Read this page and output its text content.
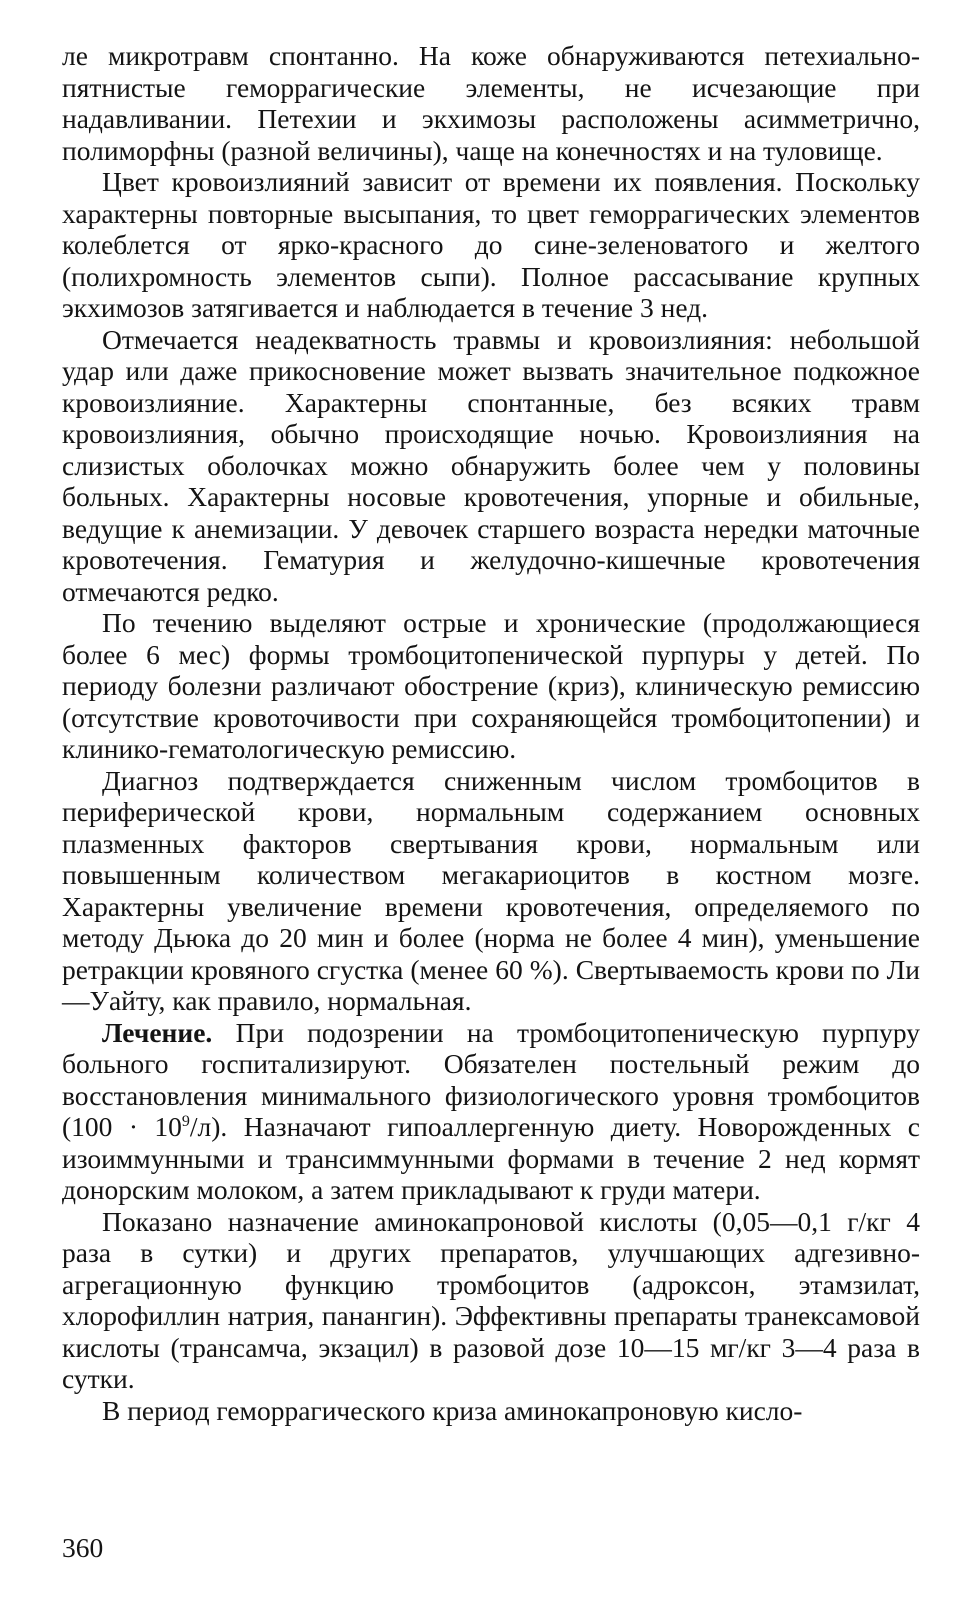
ле микротравм спонтанно. На коже обнаруживаются петехиально-пятнистые геморрагические элементы, не исчезающие при надавливании. Петехии и экхимозы расположены асимметрично, полиморфны (разной величины), чаще на конечностях и на туловище.

Цвет кровоизлияний зависит от времени их появления. Поскольку характерны повторные высыпания, то цвет геморрагических элементов колеблется от ярко-красного до сине-зеленоватого и желтого (полихромность элементов сыпи). Полное рассасывание крупных экхимозов затягивается и наблюдается в течение 3 нед.

Отмечается неадекватность травмы и кровоизлияния: небольшой удар или даже прикосновение может вызвать значительное подкожное кровоизлияние. Характерны спонтанные, без всяких травм кровоизлияния, обычно происходящие ночью. Кровоизлияния на слизистых оболочках можно обнаружить более чем у половины больных. Характерны носовые кровотечения, упорные и обильные, ведущие к анемизации. У девочек старшего возраста нередки маточные кровотечения. Гематурия и желудочно-кишечные кровотечения отмечаются редко.

По течению выделяют острые и хронические (продолжающиеся более 6 мес) формы тромбоцитопенической пурпуры у детей. По периоду болезни различают обострение (криз), клиническую ремиссию (отсутствие кровоточивости при сохраняющейся тромбоцитопении) и клинико-гематологическую ремиссию.

Диагноз подтверждается сниженным числом тромбоцитов в периферической крови, нормальным содержанием основных плазменных факторов свертывания крови, нормальным или повышенным количеством мегакариоцитов в костном мозге. Характерны увеличение времени кровотечения, определяемого по методу Дьюка до 20 мин и более (норма не более 4 мин), уменьшение ретракции кровяного сгустка (менее 60 %). Свертываемость крови по Ли—Уайту, как правило, нормальная.

Лечение. При подозрении на тромбоцитопеническую пурпуру больного госпитализируют. Обязателен постельный режим до восстановления минимального физиологического уровня тромбоцитов $(100 \cdot 10^9/л)$. Назначают гипоаллергенную диету. Новорожденных с изоиммунными и трансиммунными формами в течение 2 нед кормят донорским молоком, а затем прикладывают к груди матери.

Показано назначение аминокапроновой кислоты (0,05—0,1 г/кг 4 раза в сутки) и других препаратов, улучшающих адгезивно-агрегационную функцию тромбоцитов (адроксон, этамзилат, хлорофиллин натрия, панангин). Эффективны препараты транексамовой кислоты (трансамча, экзацил) в разовой дозе 10—15 мг/кг 3—4 раза в сутки.

В период геморрагического криза аминокапроновую кисло-

360
